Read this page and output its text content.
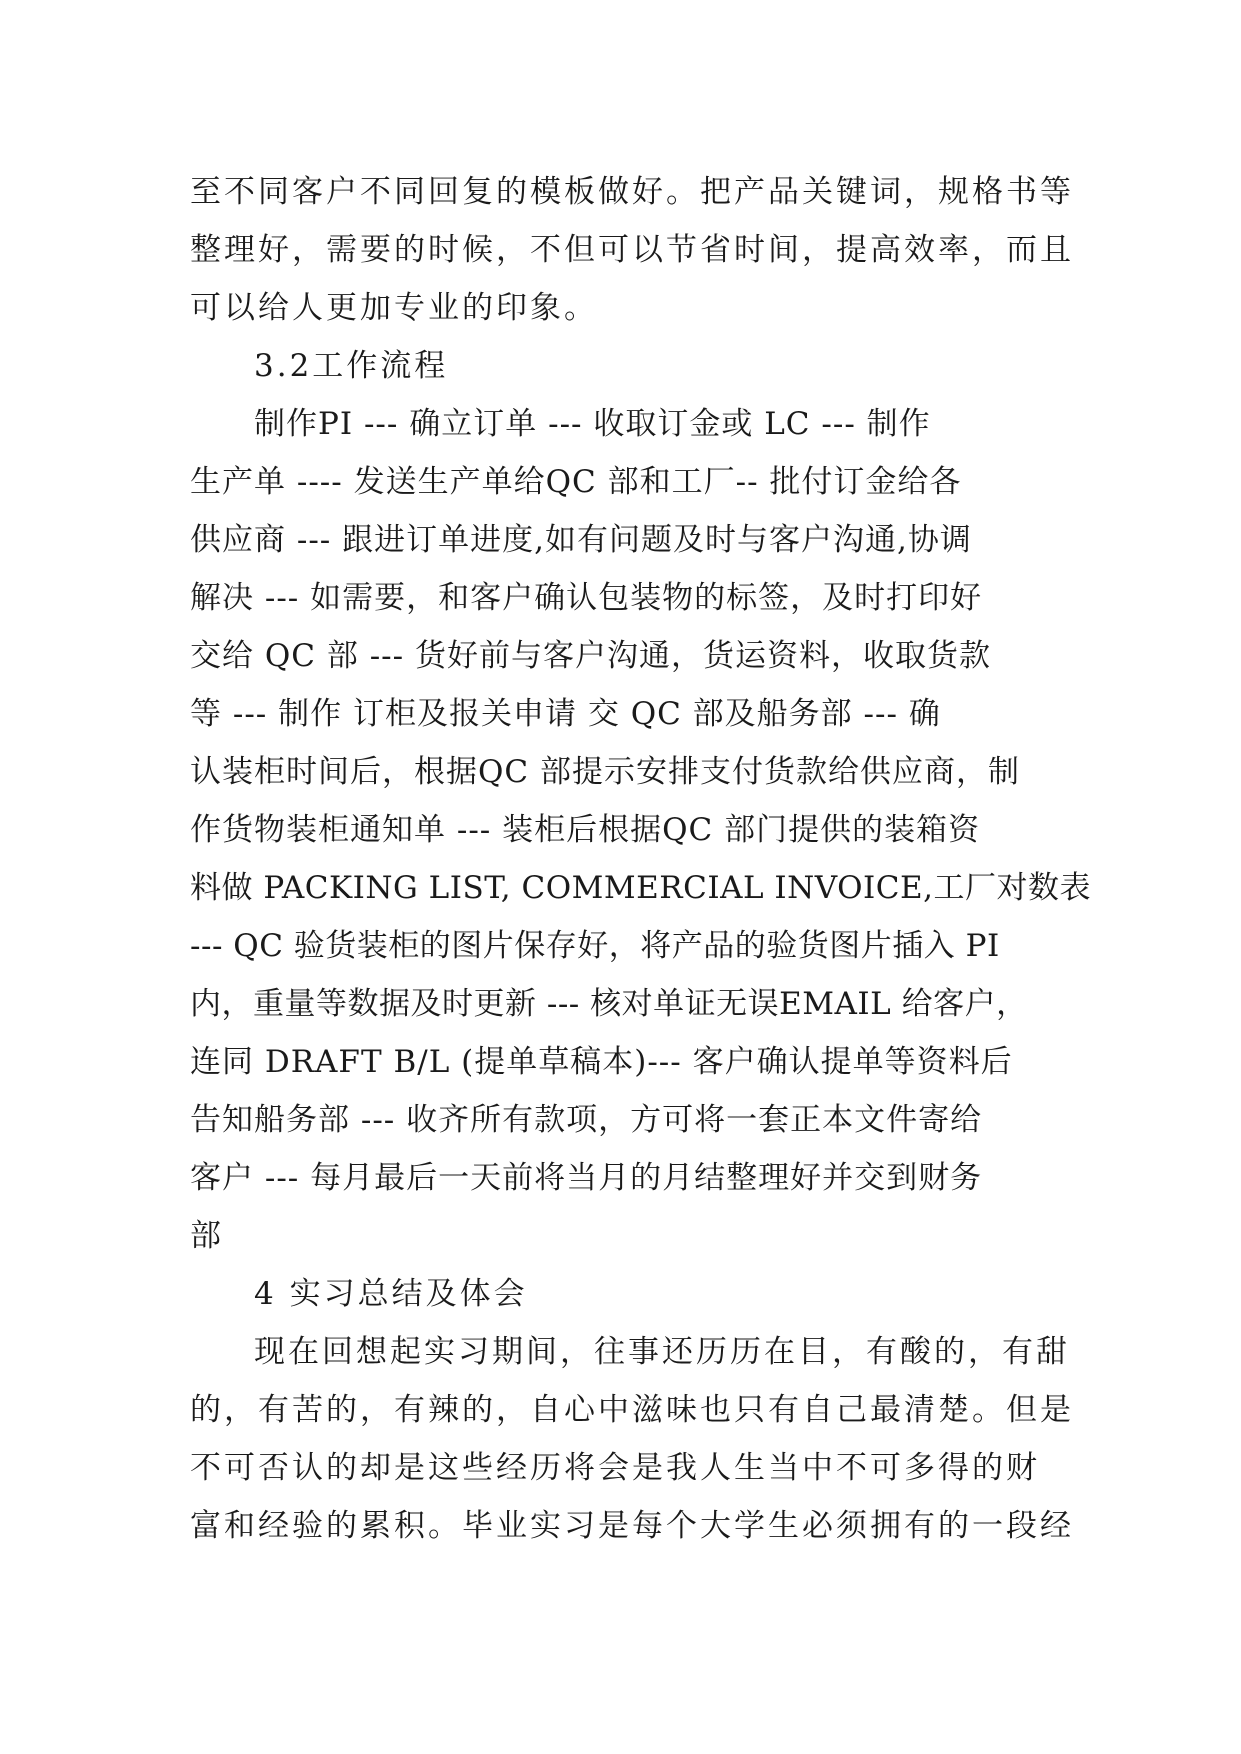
至不同客户不同回复的模板做好。把产品关键词，规格书等
整理好，需要的时候，不但可以节省时间，提高效率，而且
可以给人更加专业的印象。
3.2工作流程
制作PI --- 确立订单 --- 收取订金或 LC --- 制作
生产单 ---- 发送生产单给QC 部和工厂-- 批付订金给各
供应商 --- 跟进订单进度,如有问题及时与客户沟通,协调
解决 --- 如需要，和客户确认包装物的标签，及时打印好
交给 QC 部 --- 货好前与客户沟通，货运资料，收取货款
等 --- 制作 订柜及报关申请 交 QC 部及船务部 --- 确
认装柜时间后，根据QC 部提示安排支付货款给供应商，制
作货物装柜通知单 --- 装柜后根据QC 部门提供的装箱资
料做 PACKING LIST, COMMERCIAL INVOICE,工厂对数表
--- QC 验货装柜的图片保存好，将产品的验货图片插入 PI
内，重量等数据及时更新 --- 核对单证无误EMAIL 给客户，
连同 DRAFT B/L (提单草稿本)--- 客户确认提单等资料后
告知船务部 --- 收齐所有款项，方可将一套正本文件寄给
客户 --- 每月最后一天前将当月的月结整理好并交到财务
部
4 实习总结及体会
现在回想起实习期间，往事还历历在目，有酸的，有甜
的，有苦的，有辣的，自心中滋味也只有自己最清楚。但是
不可否认的却是这些经历将会是我人生当中不可多得的财
富和经验的累积。毕业实习是每个大学生必须拥有的一段经
